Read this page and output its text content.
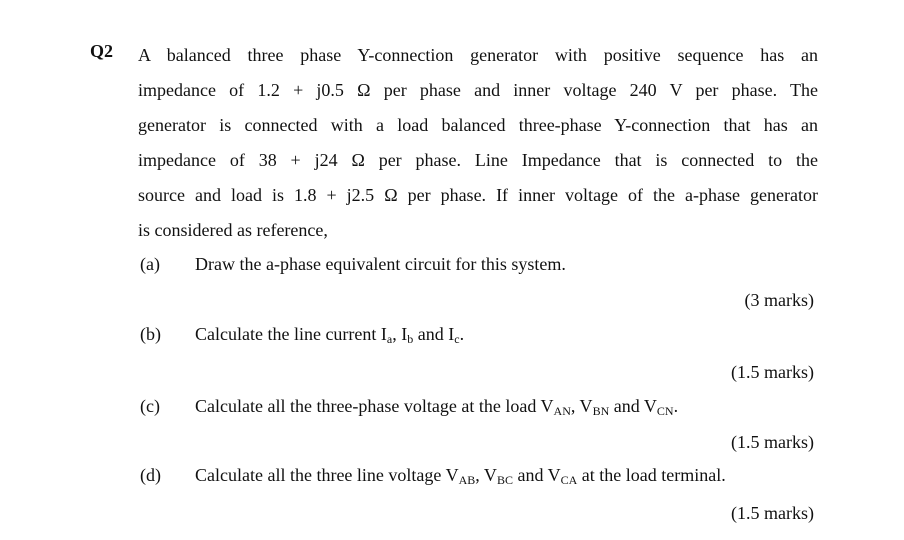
Q2 A balanced three phase Y-connection generator with positive sequence has an
impedance of 1.2 + j0.5 Ω per phase and inner voltage 240 V per phase. The
generator is connected with a load balanced three-phase Y-connection that has an
impedance of 38 + j24 Ω per phase. Line Impedance that is connected to the
source and load is 1.8 + j2.5 Ω per phase. If inner voltage of the a-phase generator
is considered as reference,
(a) Draw the a-phase equivalent circuit for this system.
(3 marks)
(b) Calculate the line current $I_a$, $I_b$ and $I_c$.
(1.5 marks)
(c) Calculate all the three-phase voltage at the load $V_{AN}$, $V_{BN}$ and $V_{CN}$.
(1.5 marks)
(d) Calculate all the three line voltage $V_{AB}$, $V_{BC}$ and $V_{CA}$ at the load terminal.
(1.5 marks)
